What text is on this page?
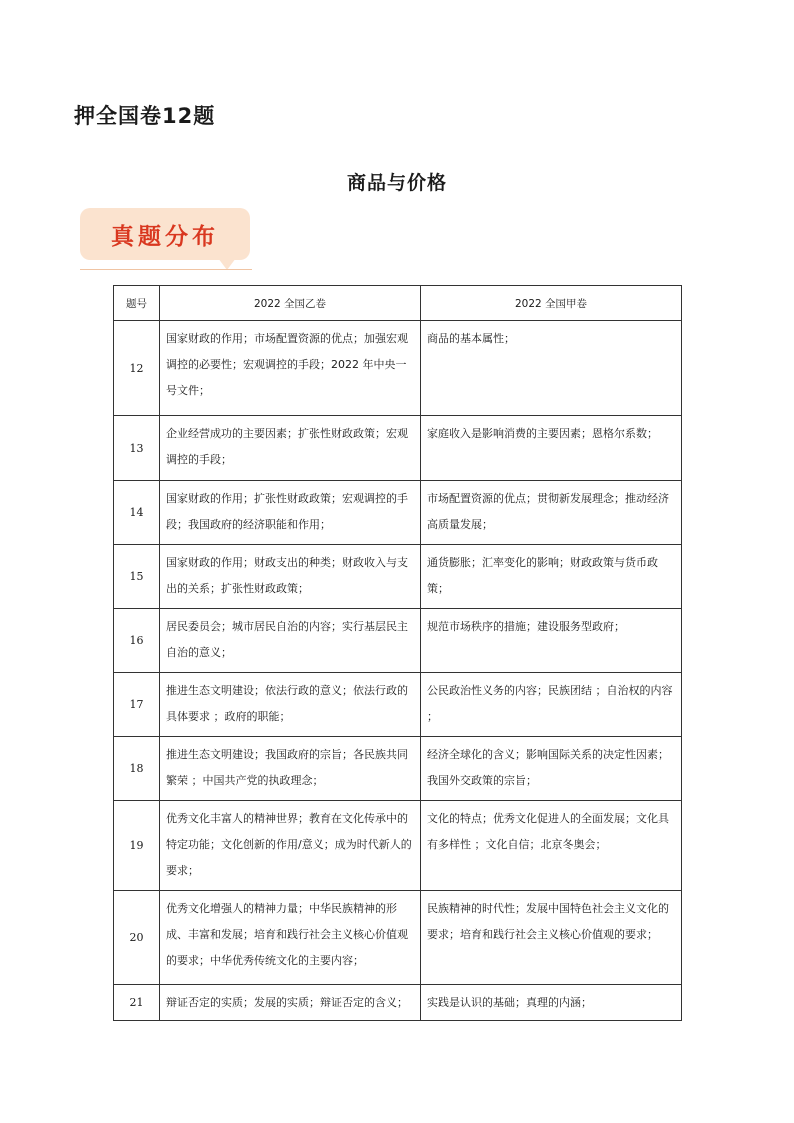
押全国卷12题
商品与价格
真题分布
题号	2022 全国乙卷	2022 全国甲卷
12	国家财政的作用；市场配置资源的优点；加强宏观调控的必要性；宏观调控的手段；2022 年中央一号文件；	商品的基本属性；
13	企业经营成功的主要因素；扩张性财政政策；宏观调控的手段；	家庭收入是影响消费的主要因素；恩格尔系数；
14	国家财政的作用；扩张性财政政策；宏观调控的手段；我国政府的经济职能和作用；	市场配置资源的优点；贯彻新发展理念；推动经济高质量发展；
15	国家财政的作用；财政支出的种类；财政收入与支出的关系；扩张性财政政策；	通货膨胀；汇率变化的影响；财政政策与货币政策；
16	居民委员会；城市居民自治的内容；实行基层民主自治的意义；	规范市场秩序的措施；建设服务型政府；
17	推进生态文明建设；依法行政的意义；依法行政的具体要求 ；政府的职能；	公民政治性义务的内容；民族团结 ；自治权的内容 ；
18	推进生态文明建设；我国政府的宗旨；各民族共同繁荣 ；中国共产党的执政理念；	经济全球化的含义；影响国际关系的决定性因素；我国外交政策的宗旨；
19	优秀文化丰富人的精神世界；教育在文化传承中的特定功能；文化创新的作用/意义；成为时代新人的要求；	文化的特点；优秀文化促进人的全面发展；文化具有多样性 ；文化自信；北京冬奥会；
20	优秀文化增强人的精神力量；中华民族精神的形成、丰富和发展；培育和践行社会主义核心价值观的要求；中华优秀传统文化的主要内容；	民族精神的时代性；发展中国特色社会主义文化的要求；培育和践行社会主义核心价值观的要求；
21	辩证否定的实质；发展的实质；辩证否定的含义；	实践是认识的基础；真理的内涵；
